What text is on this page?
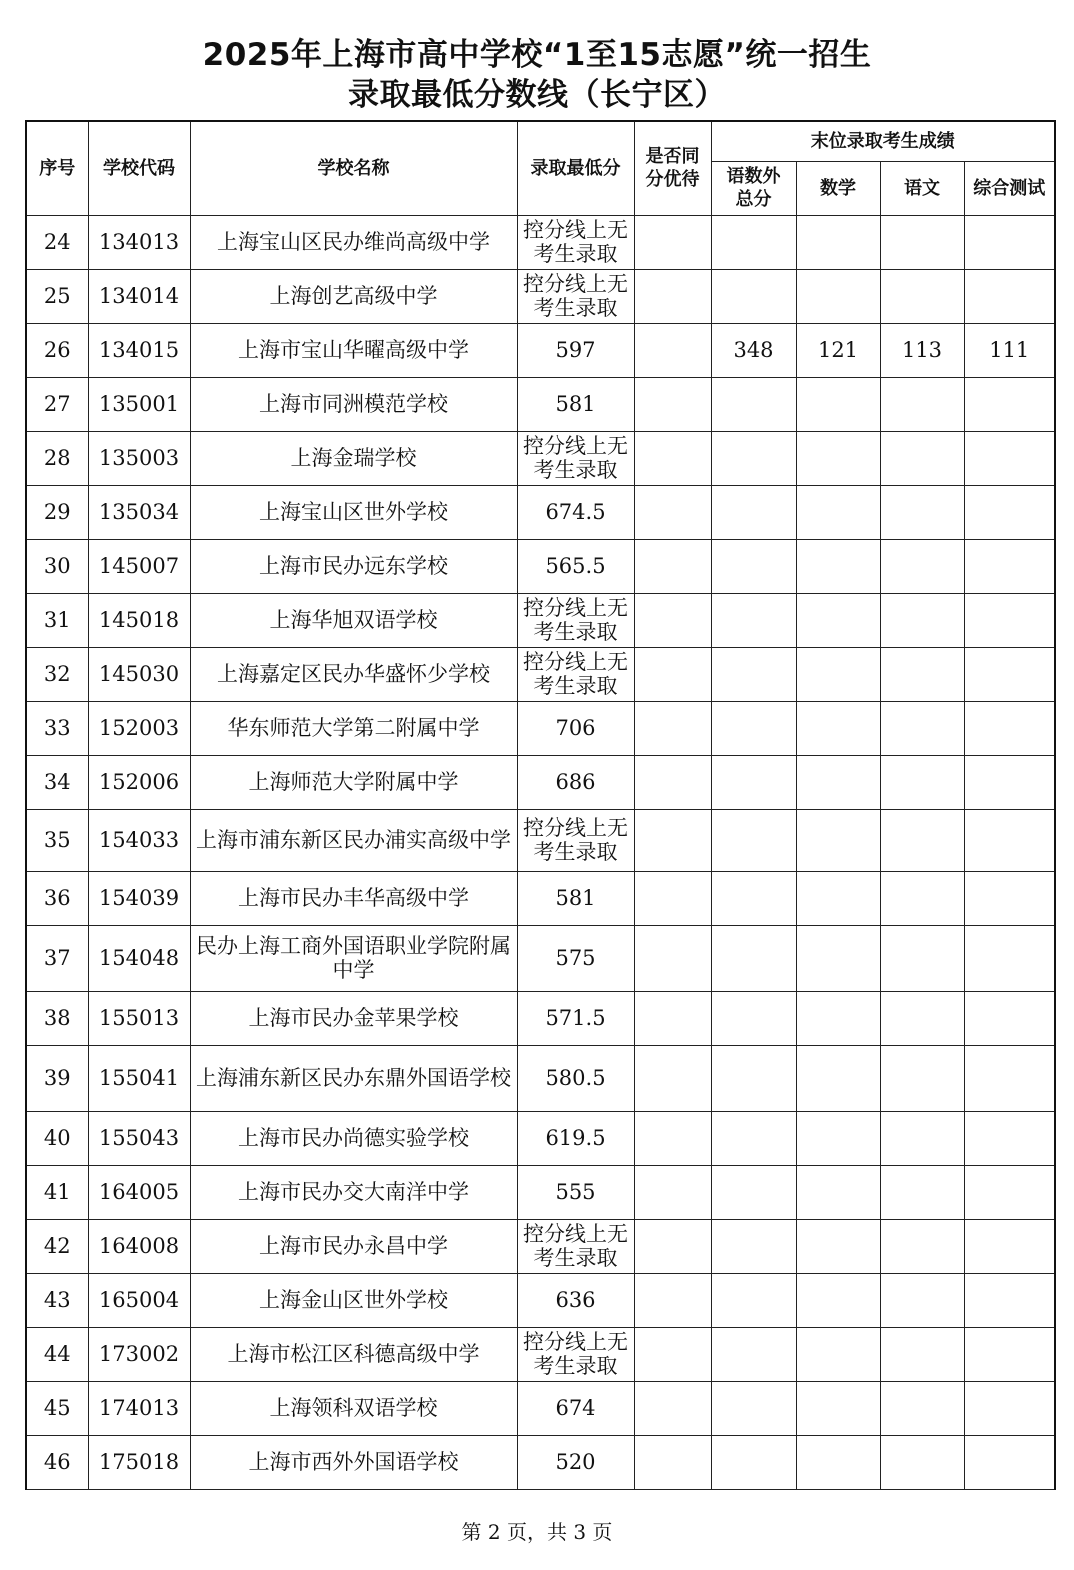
2025年上海市高中学校“1至15志愿”统一招生
录取最低分数线（长宁区）
序号	学校代码	学校名称	录取最低分	是否同分优待	末位录取考生成绩			
					语数外总分	数学	语文	综合测试
24	134013	上海宝山区民办维尚高级中学	控分线上无考生录取					
25	134014	上海创艺高级中学	控分线上无考生录取					
26	134015	上海市宝山华曜高级中学	597		348	121	113	111
27	135001	上海市同洲模范学校	581					
28	135003	上海金瑞学校	控分线上无考生录取					
29	135034	上海宝山区世外学校	674.5					
30	145007	上海市民办远东学校	565.5					
31	145018	上海华旭双语学校	控分线上无考生录取					
32	145030	上海嘉定区民办华盛怀少学校	控分线上无考生录取					
33	152003	华东师范大学第二附属中学	706					
34	152006	上海师范大学附属中学	686					
35	154033	上海市浦东新区民办浦实高级中学	控分线上无考生录取					
36	154039	上海市民办丰华高级中学	581					
37	154048	民办上海工商外国语职业学院附属中学	575					
38	155013	上海市民办金苹果学校	571.5					
39	155041	上海浦东新区民办东鼎外国语学校	580.5					
40	155043	上海市民办尚德实验学校	619.5					
41	164005	上海市民办交大南洋中学	555					
42	164008	上海市民办永昌中学	控分线上无考生录取					
43	165004	上海金山区世外学校	636					
44	173002	上海市松江区科德高级中学	控分线上无考生录取					
45	174013	上海领科双语学校	674					
46	175018	上海市西外外国语学校	520					
第 2 页，共 3 页
